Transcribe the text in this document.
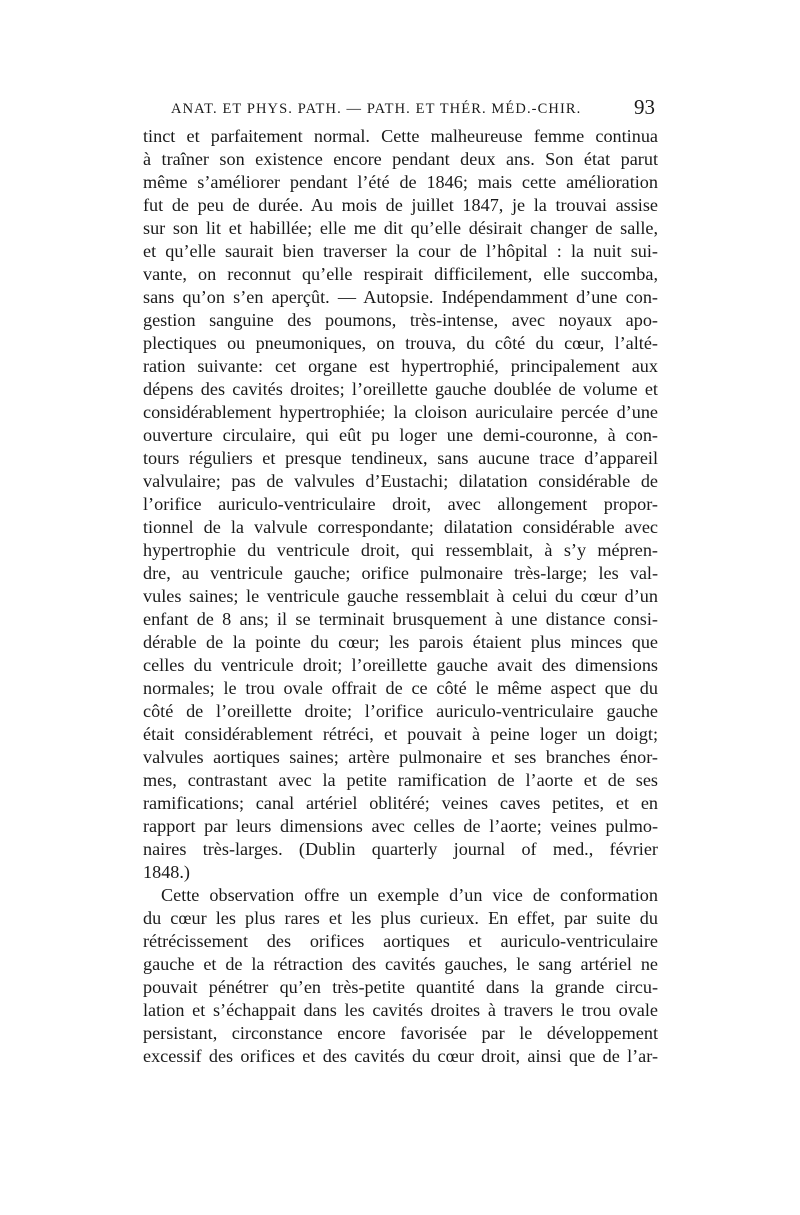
ANAT. ET PHYS. PATH. — PATH. ET THÉR. MÉD.-CHIR.	93
tinct et parfaitement normal. Cette malheureuse femme continua
à traîner son existence encore pendant deux ans. Son état parut
même s’améliorer pendant l’été de 1846; mais cette amélioration
fut de peu de durée. Au mois de juillet 1847, je la trouvai assise
sur son lit et habillée; elle me dit qu’elle désirait changer de salle,
et qu’elle saurait bien traverser la cour de l’hôpital : la nuit sui-
vante, on reconnut qu’elle respirait difficilement, elle succomba,
sans qu’on s’en aperçût. — Autopsie. Indépendamment d’une con-
gestion sanguine des poumons, très-intense, avec noyaux apo-
plectiques ou pneumoniques, on trouva, du côté du cœur, l’alté-
ration suivante: cet organe est hypertrophié, principalement aux
dépens des cavités droites; l’oreillette gauche doublée de volume et
considérablement hypertrophiée; la cloison auriculaire percée d’une
ouverture circulaire, qui eût pu loger une demi-couronne, à con-
tours réguliers et presque tendineux, sans aucune trace d’appareil
valvulaire; pas de valvules d’Eustachi; dilatation considérable de
l’orifice auriculo-ventriculaire droit, avec allongement propor-
tionnel de la valvule correspondante; dilatation considérable avec
hypertrophie du ventricule droit, qui ressemblait, à s’y mépren-
dre, au ventricule gauche; orifice pulmonaire très-large; les val-
vules saines; le ventricule gauche ressemblait à celui du cœur d’un
enfant de 8 ans; il se terminait brusquement à une distance consi-
dérable de la pointe du cœur; les parois étaient plus minces que
celles du ventricule droit; l’oreillette gauche avait des dimensions
normales; le trou ovale offrait de ce côté le même aspect que du
côté de l’oreillette droite; l’orifice auriculo-ventriculaire gauche
était considérablement rétréci, et pouvait à peine loger un doigt;
valvules aortiques saines; artère pulmonaire et ses branches énor-
mes, contrastant avec la petite ramification de l’aorte et de ses
ramifications; canal artériel oblitéré; veines caves petites, et en
rapport par leurs dimensions avec celles de l’aorte; veines pulmo-
naires très-larges. (Dublin quarterly journal of med., février
1848.)
Cette observation offre un exemple d’un vice de conformation
du cœur les plus rares et les plus curieux. En effet, par suite du
rétrécissement des orifices aortiques et auriculo-ventriculaire
gauche et de la rétraction des cavités gauches, le sang artériel ne
pouvait pénétrer qu’en très-petite quantité dans la grande circu-
lation et s’échappait dans les cavités droites à travers le trou ovale
persistant, circonstance encore favorisée par le développement
excessif des orifices et des cavités du cœur droit, ainsi que de l’ar-
